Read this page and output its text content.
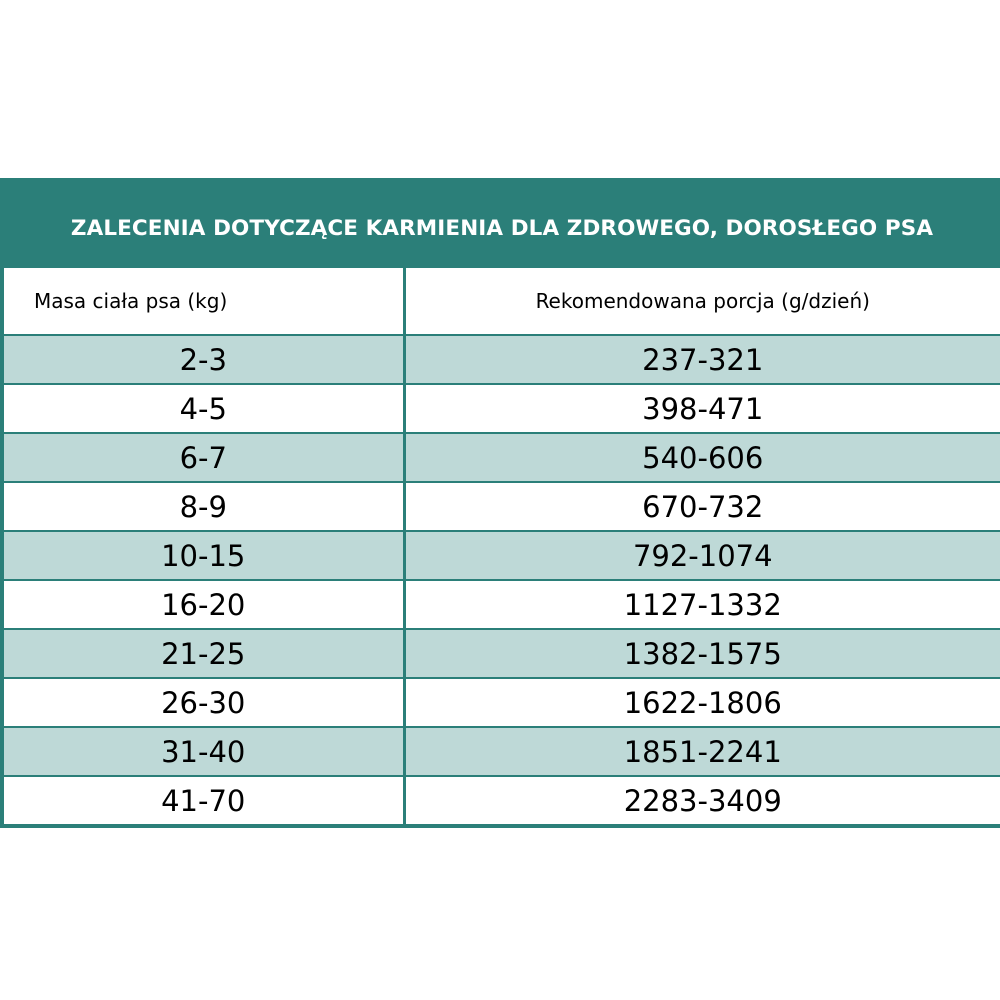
ZALECENIA DOTYCZĄCE KARMIENIA DLA ZDROWEGO, DOROSŁEGO PSA	
Masa ciała psa (kg)	Rekomendowana porcja (g/dzień)
2-3	237-321
4-5	398-471
6-7	540-606
8-9	670-732
10-15	792-1074
16-20	1127-1332
21-25	1382-1575
26-30	1622-1806
31-40	1851-2241
41-70	2283-3409
